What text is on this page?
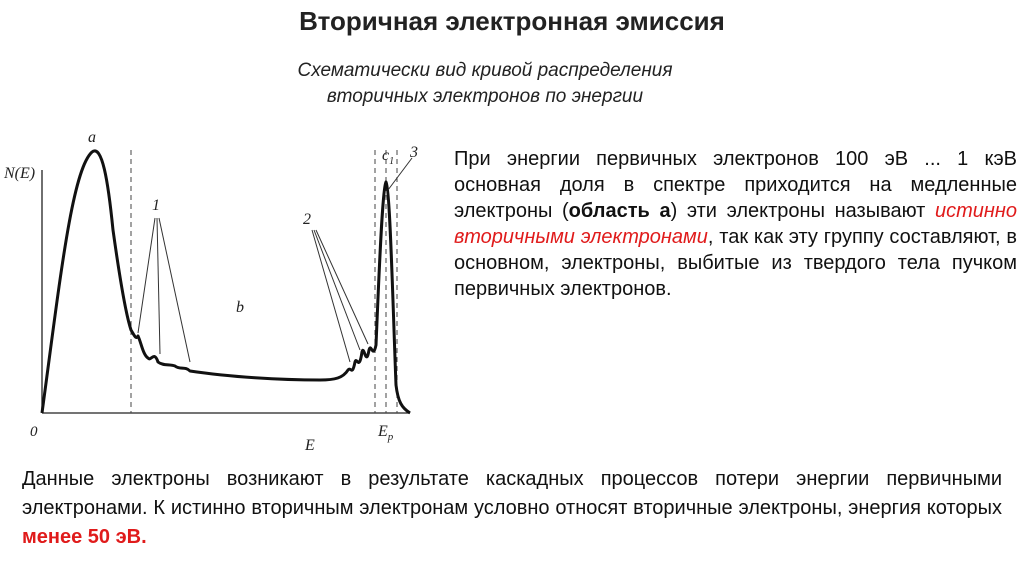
Вторичная электронная эмиссия
Схематически вид кривой распределения
вторичных электронов по энергии
N(E)
0
E
a
b
1
2
3
$c_1$
$E_p$
При энергии первичных электронов 100 эВ ... 1 кэВ основная доля в спектре приходится на медленные электроны (область а) эти электроны называют истинно вторичными электронами, так как эту группу составляют, в основном, электроны, выбитые из твердого тела пучком первичных электронов.
Данные электроны возникают в результате каскадных процессов потери энергии первичными электронами. К истинно вторичным электронам условно относят вторичные электроны, энергия которых менее 50 эВ.
